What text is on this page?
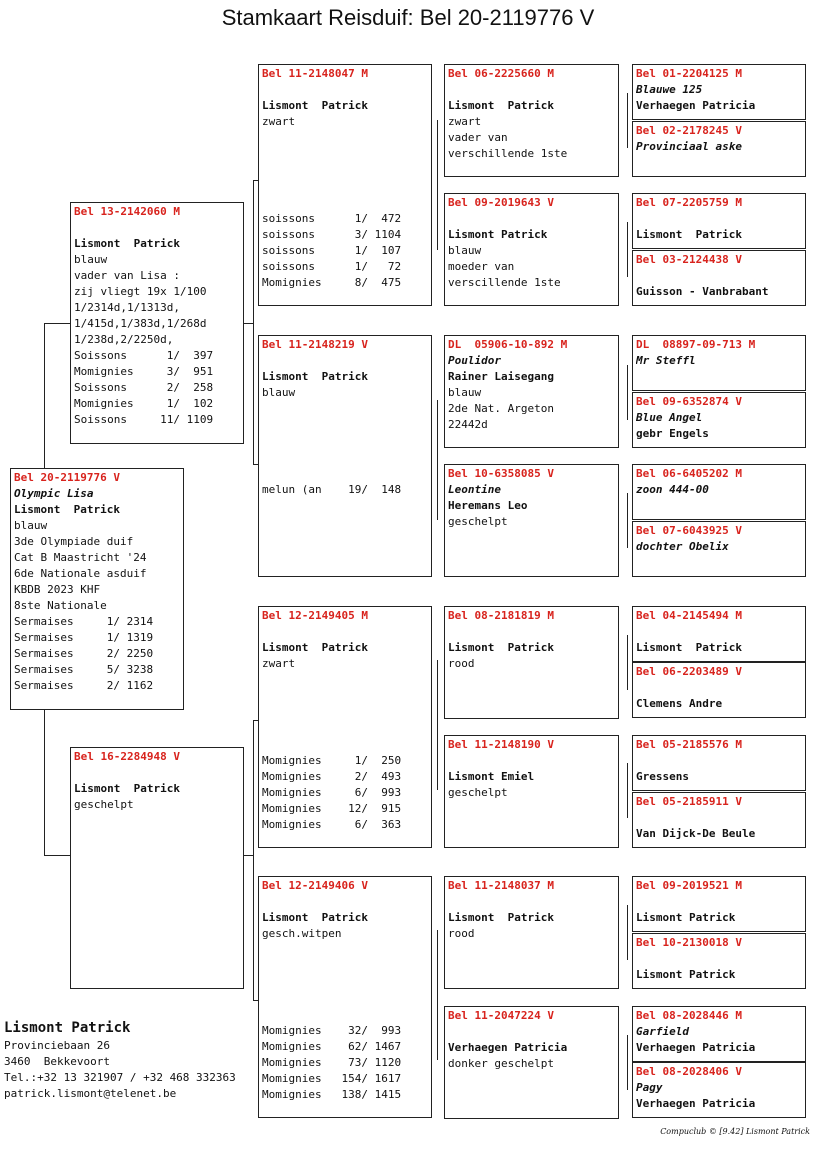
Stamkaart Reisduif: Bel 20-2119776 V
Bel 20-2119776 V
Olympic Lisa
Lismont  Patrick
blauw
3de Olympiade duif
Cat B Maastricht '24
6de Nationale asduif
KBDB 2023 KHF
8ste Nationale
Sermaises     1/ 2314
Sermaises     1/ 1319
Sermaises     2/ 2250
Sermaises     5/ 3238
Sermaises     2/ 1162
Bel 13-2142060 M
Lismont  Patrick
blauw
vader van Lisa :
zij vliegt 19x 1/100
1/2314d,1/1313d,
1/415d,1/383d,1/268d
1/238d,2/2250d,
Soissons      1/  397
Momignies     3/  951
Soissons      2/  258
Momignies     1/  102
Soissons     11/ 1109
Bel 16-2284948 V
Lismont  Patrick
geschelpt
Bel 11-2148047 M
Lismont  Patrick
zwart
soissons      1/  472
soissons      3/ 1104
soissons      1/  107
soissons      1/   72
Momignies     8/  475
Bel 11-2148219 V
Lismont  Patrick
blauw
melun (an    19/  148
Bel 12-2149405 M
Lismont  Patrick
zwart
Momignies     1/  250
Momignies     2/  493
Momignies     6/  993
Momignies    12/  915
Momignies     6/  363
Bel 12-2149406 V
Lismont  Patrick
gesch.witpen
Momignies    32/  993
Momignies    62/ 1467
Momignies    73/ 1120
Momignies   154/ 1617
Momignies   138/ 1415
Bel 06-2225660 M
Lismont  Patrick
zwart
vader van
verschillende 1ste
Bel 09-2019643 V
Lismont Patrick
blauw
moeder van
verscillende 1ste
DL  05906-10-892 M
Poulidor
Rainer Laisegang
blauw
2de Nat. Argeton
22442d
Bel 10-6358085 V
Leontine
Heremans Leo
geschelpt
Bel 08-2181819 M
Lismont  Patrick
rood
Bel 11-2148190 V
Lismont Emiel
geschelpt
Bel 11-2148037 M
Lismont  Patrick
rood
Bel 11-2047224 V
Verhaegen Patricia
donker geschelpt
Bel 01-2204125 M
Blauwe 125
Verhaegen Patricia
Bel 02-2178245 V
Provinciaal aske
Bel 07-2205759 M
Lismont  Patrick
Bel 03-2124438 V
Guisson - Vanbrabant
DL  08897-09-713 M
Mr Steffl
Bel 09-6352874 V
Blue Angel
gebr Engels
Bel 06-6405202 M
zoon 444-00
Bel 07-6043925 V
dochter Obelix
Bel 04-2145494 M
Lismont  Patrick
Bel 06-2203489 V
Clemens Andre
Bel 05-2185576 M
Gressens
Bel 05-2185911 V
Van Dijck-De Beule
Bel 09-2019521 M
Lismont Patrick
Bel 10-2130018 V
Lismont Patrick
Bel 08-2028446 M
Garfield
Verhaegen Patricia
Bel 08-2028406 V
Pagy
Verhaegen Patricia
Lismont Patrick
Provinciebaan 26
3460  Bekkevoort
Tel.:+32 13 321907 / +32 468 332363
patrick.lismont@telenet.be
Compuclub © [9.42] Lismont Patrick
